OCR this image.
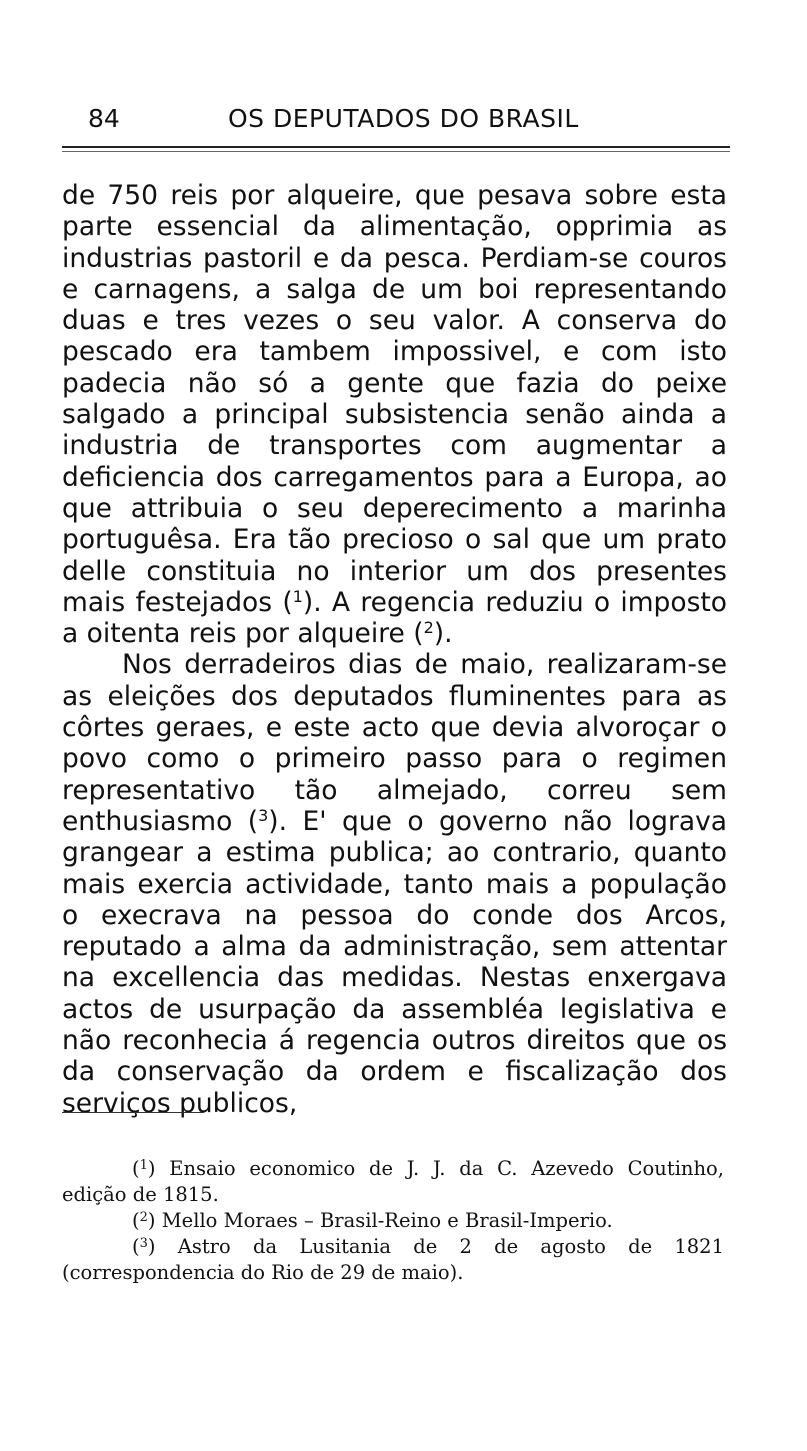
84	OS DEPUTADOS DO BRASIL

de 750 reis por alqueire, que pesava sobre esta parte essencial da alimentação, opprimia as industrias pastoril e da pesca. Perdiam-se couros e carnagens, a salga de um boi representando duas e tres vezes o seu valor. A conserva do pescado era tambem impossivel, e com isto padecia não só a gente que fazia do peixe salgado a principal subsistencia senão ainda a industria de transportes com augmentar a deficiencia dos carregamentos para a Europa, ao que attribuia o seu deperecimento a marinha portuguêsa. Era tão precioso o sal que um prato delle constituia no interior um dos presentes mais festejados ($^1$). A regencia reduziu o imposto a oitenta reis por alqueire ($^2$).

Nos derradeiros dias de maio, realizaram-se as eleições dos deputados fluminentes para as côrtes geraes, e este acto que devia alvoroçar o povo como o primeiro passo para o regimen representativo tão almejado, correu sem enthusiasmo ($^3$). E' que o governo não lograva grangear a estima publica; ao contrario, quanto mais exercia actividade, tanto mais a população o execrava na pessoa do conde dos Arcos, reputado a alma da administração, sem attentar na excellencia das medidas. Nestas enxergava actos de usurpação da assembléa legislativa e não reconhecia á regencia outros direitos que os da conservação da ordem e fiscalização dos serviços publicos,

($^1$) Ensaio economico de J. J. da C. Azevedo Coutinho, edição de 1815.

($^2$) Mello Moraes – Brasil-Reino e Brasil-Imperio.

($^3$) Astro da Lusitania de 2 de agosto de 1821 (correspondencia do Rio de 29 de maio).
